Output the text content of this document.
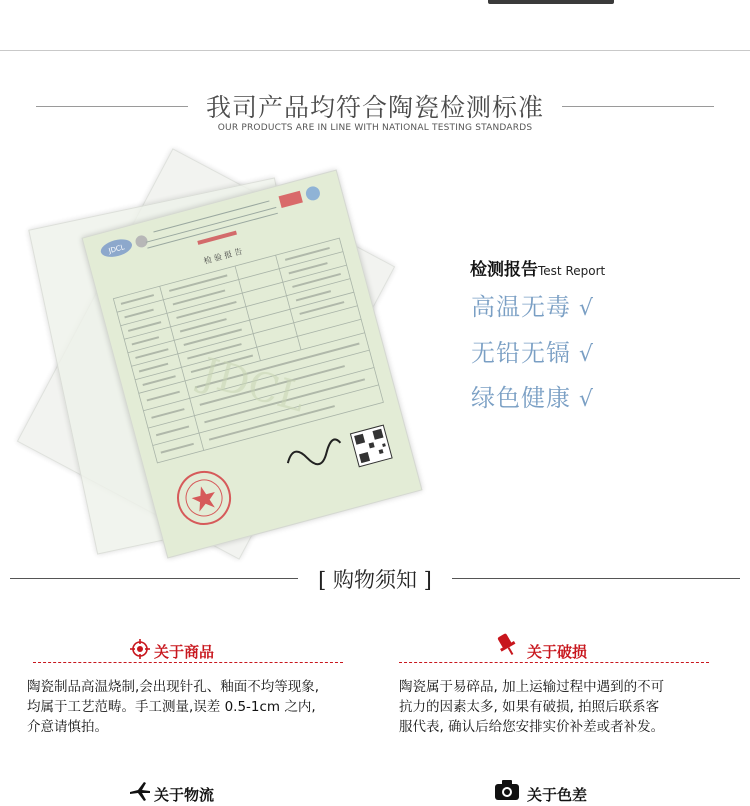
我司产品均符合陶瓷检测标准
OUR PRODUCTS ARE IN LINE WITH NATIONAL TESTING STANDARDS
JDCL	检 验 报 告
JDCL
检测报告Test Report
高温无毒 √
无铅无镉 √
绿色健康 √
[ 购物须知 ]
关于商品
陶瓷制品高温烧制,会出现针孔、釉面不均等现象,
均属于工艺范畴。手工测量,误差 0.5-1cm 之内,
介意请慎拍。
关于破损
陶瓷属于易碎品, 加上运输过程中遇到的不可
抗力的因素太多, 如果有破损, 拍照后联系客
服代表, 确认后给您安排实价补差或者补发。
关于物流	关于色差
